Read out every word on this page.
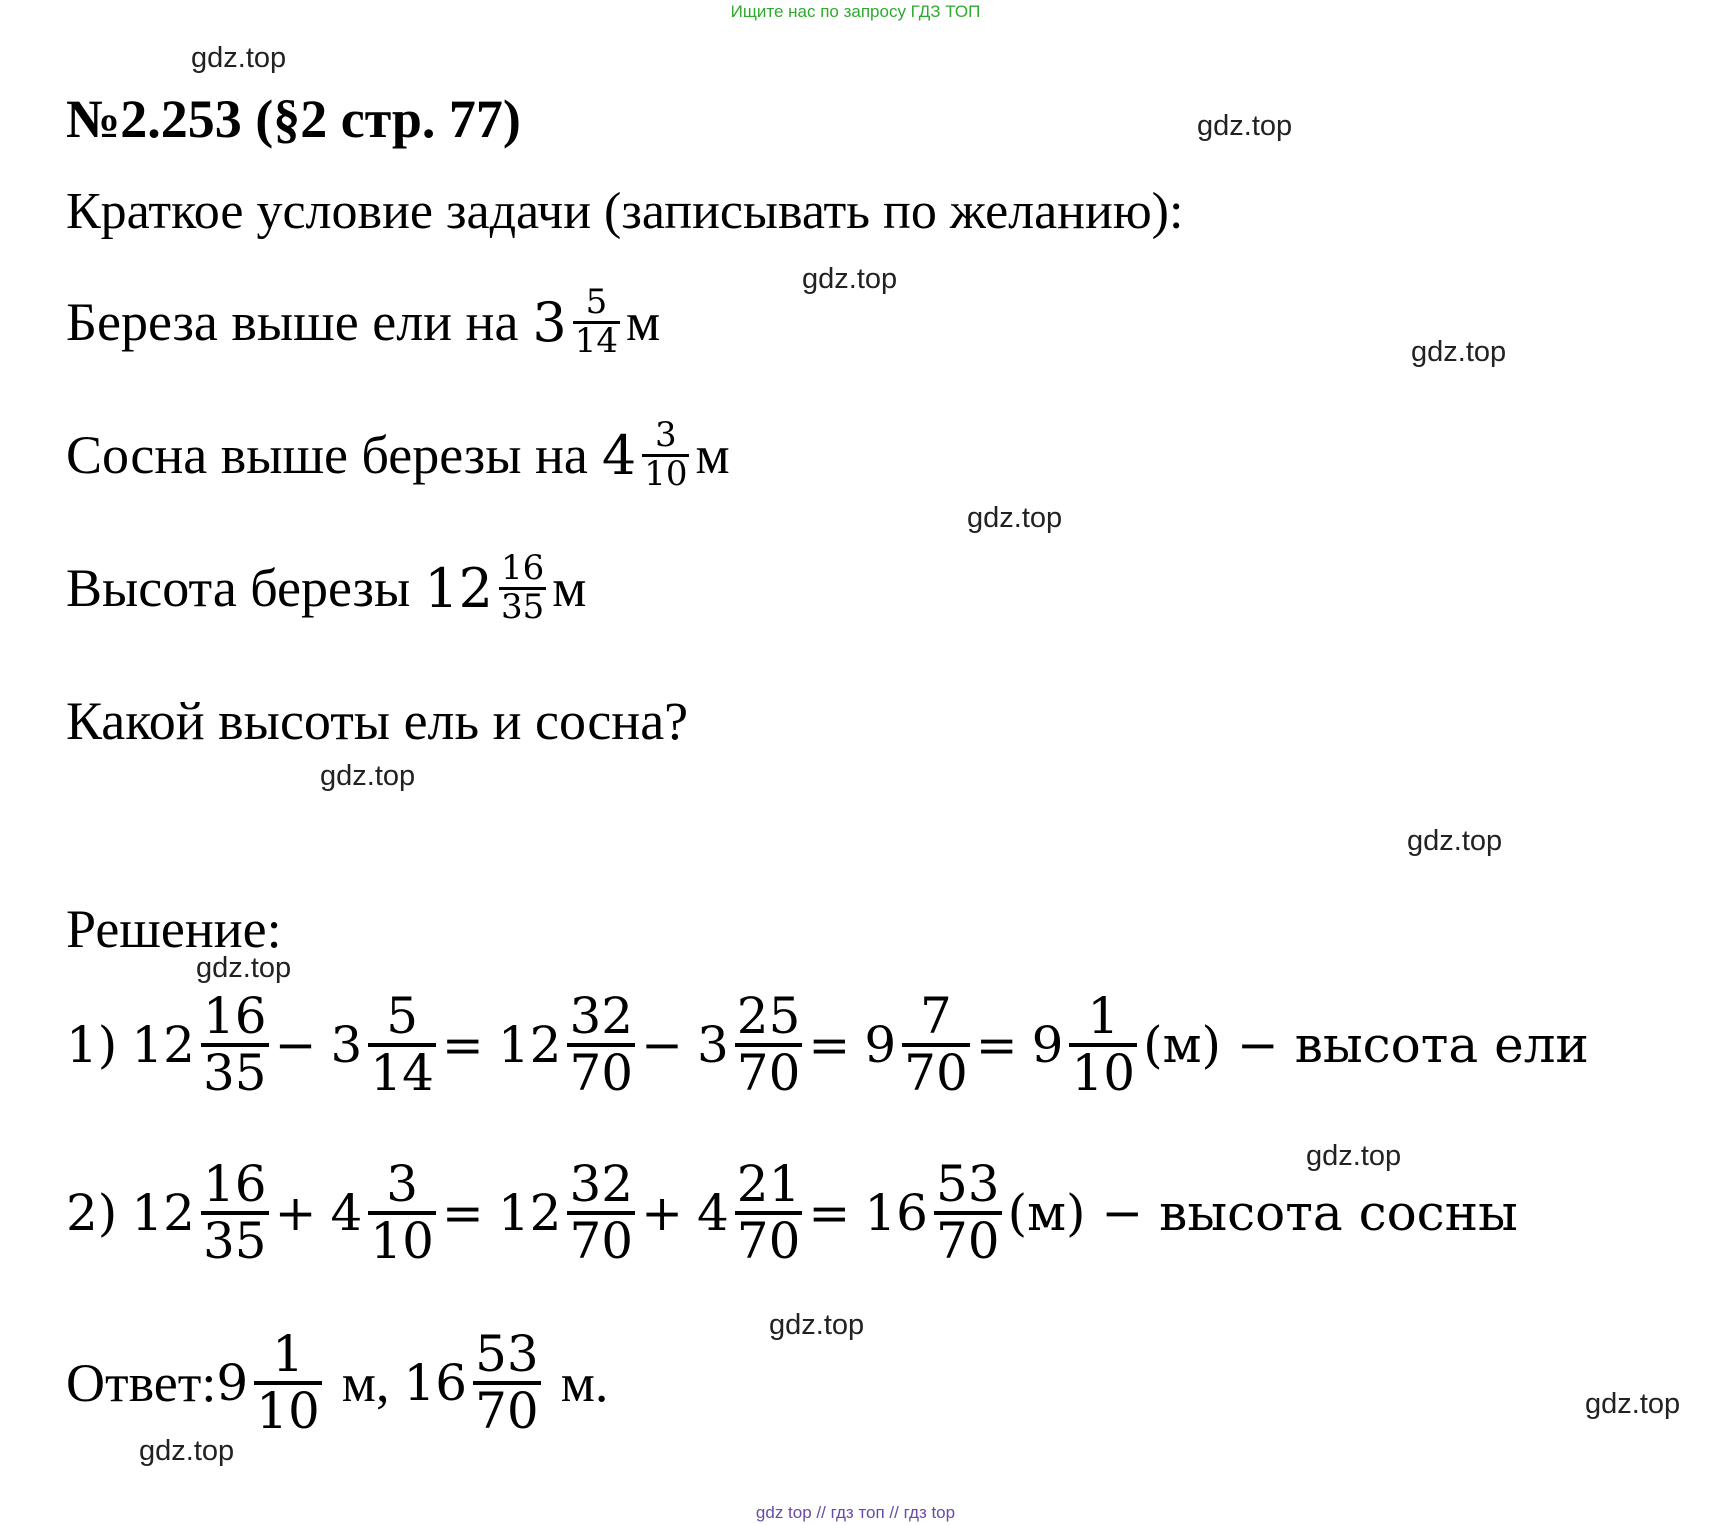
Ищите нас по запросу ГДЗ ТОП
№2.253 (§2 стр. 77)
Краткое условие задачи (записывать по желанию):
Береза выше ели на $3 \frac{5}{14}$ м
Сосна выше березы на $4 \frac{3}{10}$ м
Высота березы $12 \frac{16}{35}$ м
Какой высоты ель и сосна?
Решение:
1) $12 \frac{16}{35} - 3 \frac{5}{14} = 12 \frac{32}{70} - 3 \frac{25}{70} = 9 \frac{7}{70} = 9 \frac{1}{10} (м)$ − высота ели
2) $12 \frac{16}{35} + 4 \frac{3}{10} = 12 \frac{32}{70} + 4 \frac{21}{70} = 16 \frac{53}{70} (м)$ − высота сосны
Ответ: $9 \frac{1}{10} м$, $16 \frac{53}{70} м$.
gdz.top
gdz.top
gdz.top
gdz.top
gdz.top
gdz.top
gdz.top
gdz.top
gdz.top
gdz.top
gdz.top
gdz.top
gdz top // гдз топ // гдз top
